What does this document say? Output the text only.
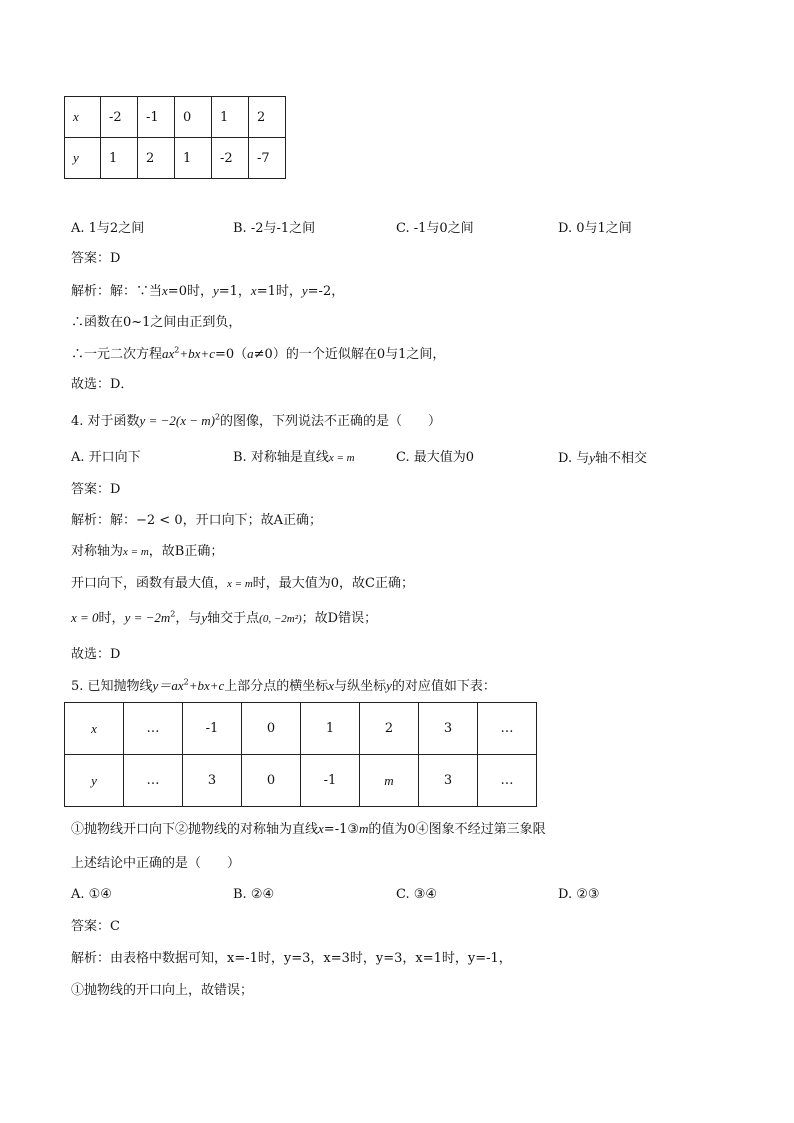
x	-2	-1	0	1	2
y	1	2	1	-2	-7
A. 1与2之间	B. -2与-1之间	C. -1与0之间	D. 0与1之间
答案：D
解析：解：∵当x=0时，y=1，x=1时，y=-2，
∴函数在0~1之间由正到负，
∴一元二次方程$ax^2+bx+c=0(a\ne 0)$的一个近似解在0与1之间，
故选：D．
4. 对于函数$y = -2(x - m)^2$的图像，下列说法不正确的是（　　）
A. 开口向下	B. 对称轴是直线x = m	C. 最大值为0	D. 与y轴不相交
答案：D
解析：解：−2 < 0，开口向下；故A正确；
对称轴为x = m，故B正确；
开口向下，函数有最大值，x = m时，最大值为0，故C正确；
x = 0时，$y = -2m^2$，与y轴交于点(0, −2m²)；故D错误；
故选：D
5. 已知抛物线$y=ax^2+bx+c$上部分点的横坐标x与纵坐标y的对应值如下表：
x	…	-1	0	1	2	3	…
y	…	3	0	-1	m	3	…
①抛物线开口向下②抛物线的对称轴为直线x=-1③m的值为0④图象不经过第三象限
上述结论中正确的是（　　）
A. ①④	B. ②④	C. ③④	D. ②③
答案：C
解析：由表格中数据可知，x=-1时，y=3，x=3时，y=3，x=1时，y=-1，
①抛物线的开口向上，故错误；
